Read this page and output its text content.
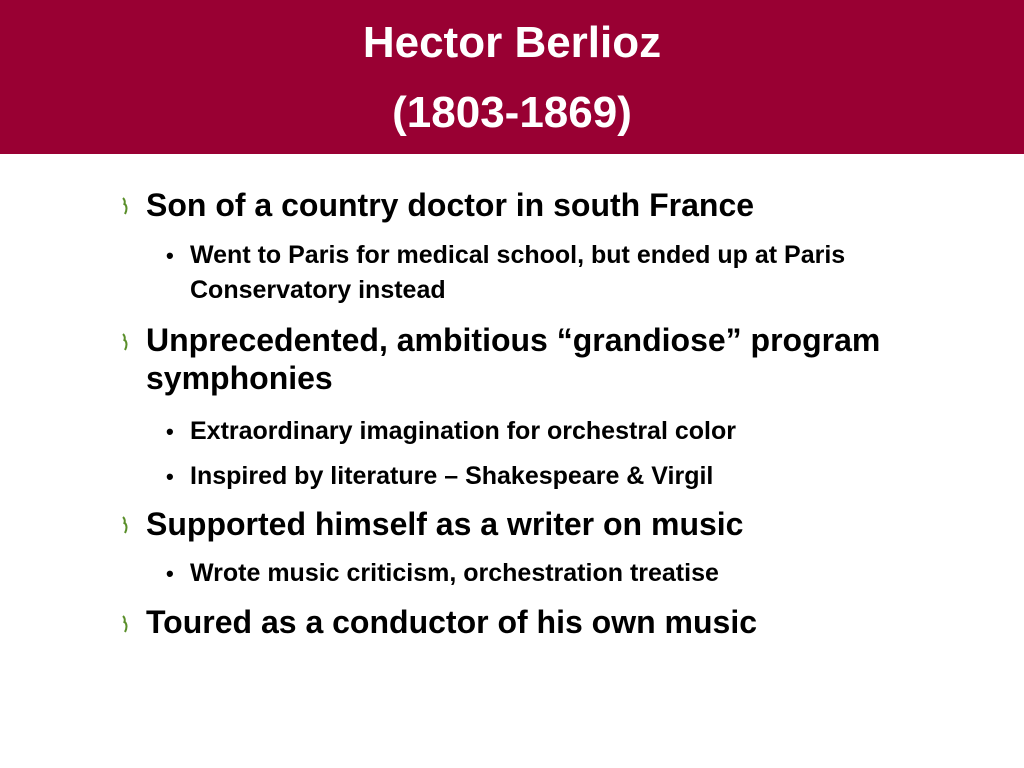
Hector Berlioz
(1803-1869)
Son of a country doctor in south France
• Went to Paris for medical school, but ended up at Paris Conservatory instead
Unprecedented, ambitious “grandiose” program symphonies
• Extraordinary imagination for orchestral color
• Inspired by literature – Shakespeare & Virgil
Supported himself as a writer on music
• Wrote music criticism, orchestration treatise
Toured as a conductor of his own music
